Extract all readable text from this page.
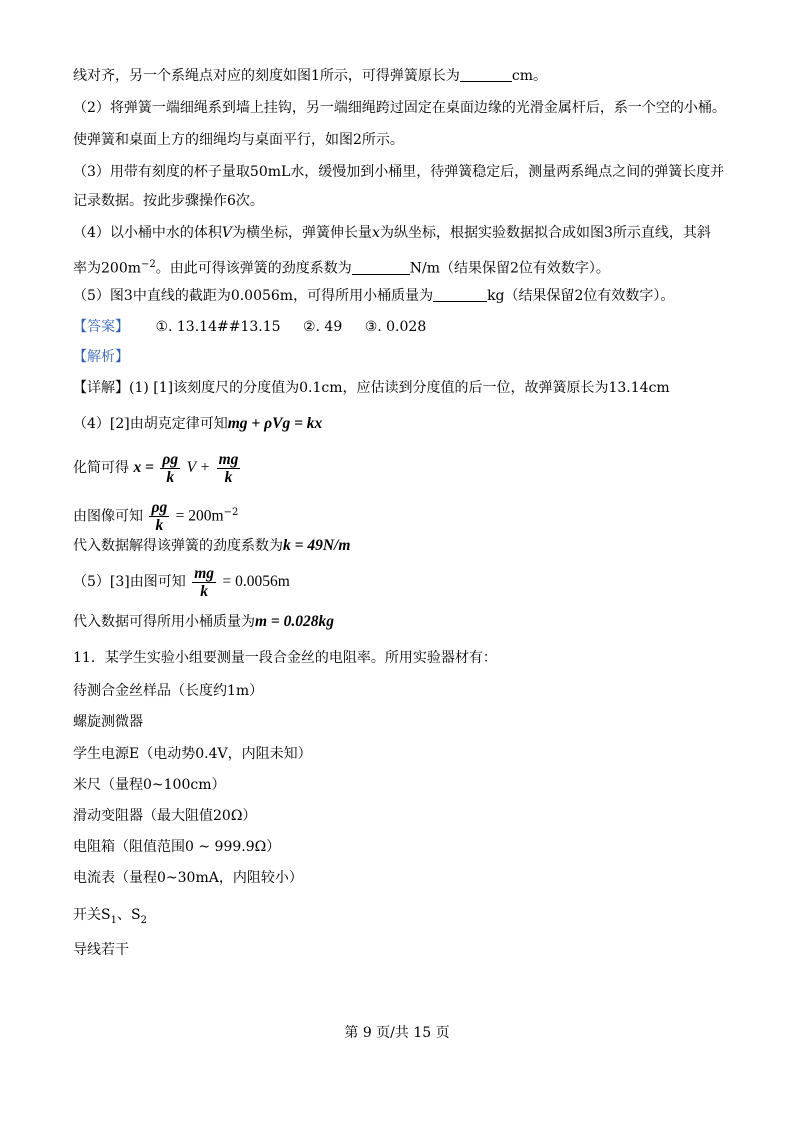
线对齐，另一个系绳点对应的刻度如图1所示，可得弹簧原长为	cm。
（2）将弹簧一端细绳系到墙上挂钩，另一端细绳跨过固定在桌面边缘的光滑金属杆后，系一个空的小桶。
使弹簧和桌面上方的细绳均与桌面平行，如图2所示。
（3）用带有刻度的杯子量取50mL水，缓慢加到小桶里，待弹簧稳定后，测量两系绳点之间的弹簧长度并
记录数据。按此步骤操作6次。
（4）以小桶中水的体积V为横坐标，弹簧伸长量x为纵坐标，根据实验数据拟合成如图3所示直线，其斜
率为$200m^{-2}$。由此可得该弹簧的劲度系数为	N/m（结果保留2位有效数字）。
（5）图3中直线的截距为0.0056m，可得所用小桶质量为	kg（结果保留2位有效数字）。
【答案】 ①. 13.14##13.15 ②. 49 ③. 0.028
【解析】
【详解】(1) [1]该刻度尺的分度值为0.1cm，应估读到分度值的后一位，故弹簧原长为13.14cm
（4）[2]由胡克定律可知mg + ρVg = kx
化简可得 $x = \frac{\rho g}{k}$ $V + \frac{mg}{k}$
由图像可知 $\frac{\rho g}{k} = 200m^{-2}$
代入数据解得该弹簧的劲度系数为k = 49N/m
（5）[3]由图可知 $\frac{mg}{k} = 0.0056m$
代入数据可得所用小桶质量为m = 0.028kg
11．某学生实验小组要测量一段合金丝的电阻率。所用实验器材有：
待测合金丝样品（长度约1m）
螺旋测微器
学生电源E（电动势0.4V，内阻未知）
米尺（量程0~100cm）
滑动变阻器（最大阻值20Ω）
电阻箱（阻值范围0 ~ 999.9Ω）
电流表（量程0~30mA，内阻较小）
开关$S_1$、$S_2$
导线若干
第 9 页/共 15 页
